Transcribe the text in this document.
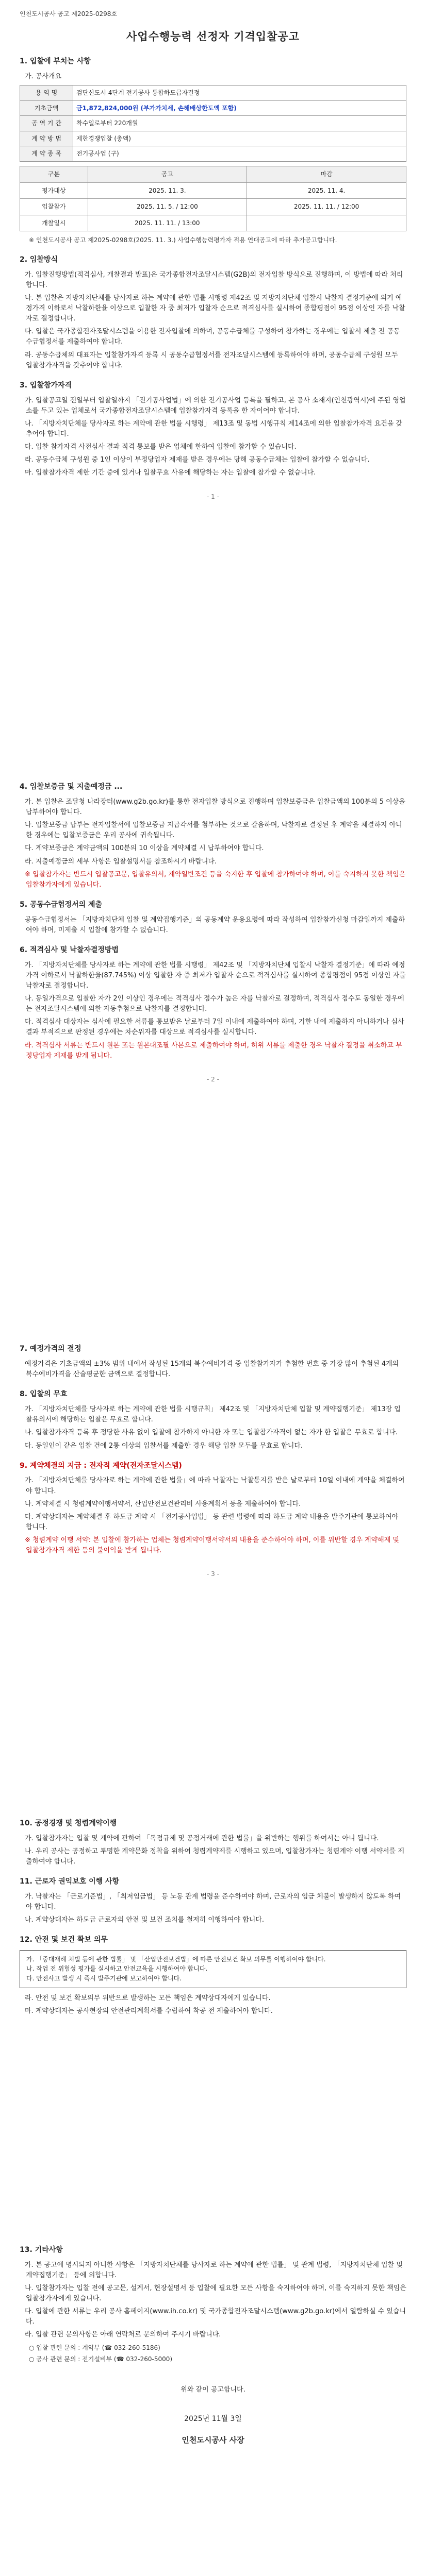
인천도시공사 공고 제2025-0298호
사업수행능력 선정자 기격입찰공고
1. 입찰에 부치는 사항
가. 공사개요
용 역 명	검단신도시 4단계 전기공사 통합하도급자결정
기초금액	금1,872,824,000원 (부가가치세, 손해배상한도액 포함)
공 역 기 간	착수일로부터 220개월
계 약 방 법	제한경쟁입찰 (총액)
계 약 종 목	전기공사업 (구)
구분	공고	마감
평가대상	2025. 11. 3.	2025. 11. 4.
입찰참가	2025. 11. 5. / 12:00	2025. 11. 11. / 12:00
개찰일시	2025. 11. 11. / 13:00	
※ 인천도시공사 공고 제2025-0298호(2025. 11. 3.) 사업수행능력평가자 적용 연대공고에 따라 추가공고합니다.
2. 입찰방식

가. 입찰진행방법(적격심사, 개찰결과 발표)은 국가종합전자조달시스템(G2B)의 전자입찰 방식으로 진행하며, 이 방법에 따라 처리합니다.

나. 본 입찰은 지방자치단체를 당사자로 하는 계약에 관한 법률 시행령 제42조 및 지방자치단체 입찰시 낙찰자 결정기준에 의거 예정가격 이하로서 낙찰하한율 이상으로 입찰한 자 중 최저가 입찰자 순으로 적격심사를 실시하여 종합평점이 95점 이상인 자를 낙찰자로 결정합니다.

다. 입찰은 국가종합전자조달시스템을 이용한 전자입찰에 의하며, 공동수급체를 구성하여 참가하는 경우에는 입찰서 제출 전 공동수급협정서를 제출하여야 합니다.

라. 공동수급체의 대표자는 입찰참가자격 등록 시 공동수급협정서를 전자조달시스템에 등록하여야 하며, 공동수급체 구성원 모두 입찰참가자격을 갖추어야 합니다.

3. 입찰참가자격

가. 입찰공고일 전일부터 입찰일까지 「전기공사업법」에 의한 전기공사업 등록을 필하고, 본 공사 소재지(인천광역시)에 주된 영업소를 두고 있는 업체로서 국가종합전자조달시스템에 입찰참가자격 등록을 한 자이어야 합니다.

나. 「지방자치단체를 당사자로 하는 계약에 관한 법률 시행령」 제13조 및 동법 시행규칙 제14조에 의한 입찰참가자격 요건을 갖추어야 합니다.

다. 입찰 참가자격 사전심사 결과 적격 통보를 받은 업체에 한하여 입찰에 참가할 수 있습니다.

라. 공동수급체 구성원 중 1인 이상이 부정당업자 제재를 받은 경우에는 당해 공동수급체는 입찰에 참가할 수 없습니다.

마. 입찰참가자격 제한 기간 중에 있거나 입찰무효 사유에 해당하는 자는 입찰에 참가할 수 없습니다.

- 1 -
4. 입찰보증금 및 지출예정금 ...

가. 본 입찰은 조달청 나라장터(www.g2b.go.kr)를 통한 전자입찰 방식으로 진행하며 입찰보증금은 입찰금액의 100분의 5 이상을 납부하여야 합니다.

나. 입찰보증금 납부는 전자입찰서에 입찰보증금 지급각서를 첨부하는 것으로 갈음하며, 낙찰자로 결정된 후 계약을 체결하지 아니한 경우에는 입찰보증금은 우리 공사에 귀속됩니다.

다. 계약보증금은 계약금액의 100분의 10 이상을 계약체결 시 납부하여야 합니다.

라. 지출예정금의 세부 사항은 입찰설명서를 참조하시기 바랍니다.

※ 입찰참가자는 반드시 입찰공고문, 입찰유의서, 계약일반조건 등을 숙지한 후 입찰에 참가하여야 하며, 이를 숙지하지 못한 책임은 입찰참가자에게 있습니다.

5. 공동수급협정서의 제출

공동수급협정서는 「지방자치단체 입찰 및 계약집행기준」의 공동계약 운용요령에 따라 작성하여 입찰참가신청 마감일까지 제출하여야 하며, 미제출 시 입찰에 참가할 수 없습니다.

6. 적격심사 및 낙찰자결정방법

가. 「지방자치단체를 당사자로 하는 계약에 관한 법률 시행령」 제42조 및 「지방자치단체 입찰시 낙찰자 결정기준」에 따라 예정가격 이하로서 낙찰하한율(87.745%) 이상 입찰한 자 중 최저가 입찰자 순으로 적격심사를 실시하여 종합평점이 95점 이상인 자를 낙찰자로 결정합니다.

나. 동일가격으로 입찰한 자가 2인 이상인 경우에는 적격심사 점수가 높은 자를 낙찰자로 결정하며, 적격심사 점수도 동일한 경우에는 전자조달시스템에 의한 자동추첨으로 낙찰자를 결정합니다.

다. 적격심사 대상자는 심사에 필요한 서류를 통보받은 날로부터 7일 이내에 제출하여야 하며, 기한 내에 제출하지 아니하거나 심사결과 부적격으로 판정된 경우에는 차순위자를 대상으로 적격심사를 실시합니다.

라. 적격심사 서류는 반드시 원본 또는 원본대조필 사본으로 제출하여야 하며, 허위 서류를 제출한 경우 낙찰자 결정을 취소하고 부정당업자 제재를 받게 됩니다.

- 2 -
7. 예정가격의 결정

예정가격은 기초금액의 ±3% 범위 내에서 작성된 15개의 복수예비가격 중 입찰참가자가 추첨한 번호 중 가장 많이 추첨된 4개의 복수예비가격을 산술평균한 금액으로 결정합니다.

8. 입찰의 무효

가. 「지방자치단체를 당사자로 하는 계약에 관한 법률 시행규칙」 제42조 및 「지방자치단체 입찰 및 계약집행기준」 제13장 입찰유의서에 해당하는 입찰은 무효로 합니다.

나. 입찰참가자격 등록 후 정당한 사유 없이 입찰에 참가하지 아니한 자 또는 입찰참가자격이 없는 자가 한 입찰은 무효로 합니다.

다. 동일인이 같은 입찰 건에 2통 이상의 입찰서를 제출한 경우 해당 입찰 모두를 무효로 합니다.

9. 계약체결의 지급 : 전자적 계약(전자조달시스템)

가. 「지방자치단체를 당사자로 하는 계약에 관한 법률」에 따라 낙찰자는 낙찰통지를 받은 날로부터 10일 이내에 계약을 체결하여야 합니다.

나. 계약체결 시 청렴계약이행서약서, 산업안전보건관리비 사용계획서 등을 제출하여야 합니다.

다. 계약상대자는 계약체결 후 하도급 계약 시 「전기공사업법」 등 관련 법령에 따라 하도급 계약 내용을 발주기관에 통보하여야 합니다.

※ 청렴계약 이행 서약: 본 입찰에 참가하는 업체는 청렴계약이행서약서의 내용을 준수하여야 하며, 이를 위반할 경우 계약해제 및 입찰참가자격 제한 등의 불이익을 받게 됩니다.

- 3 -
10. 공정경쟁 및 청렴계약이행

가. 입찰참가자는 입찰 및 계약에 관하여 「독점규제 및 공정거래에 관한 법률」을 위반하는 행위를 하여서는 아니 됩니다.

나. 우리 공사는 공정하고 투명한 계약문화 정착을 위하여 청렴계약제를 시행하고 있으며, 입찰참가자는 청렴계약 이행 서약서를 제출하여야 합니다.

11. 근로자 권익보호 이행 사항

가. 낙찰자는 「근로기준법」, 「최저임금법」 등 노동 관계 법령을 준수하여야 하며, 근로자의 임금 체불이 발생하지 않도록 하여야 합니다.

나. 계약상대자는 하도급 근로자의 안전 및 보건 조치를 철저히 이행하여야 합니다.

12. 안전 및 보건 확보 의무
가. 「중대재해 처벌 등에 관한 법률」 및 「산업안전보건법」에 따른 안전보건 확보 의무를 이행하여야 합니다.
나. 작업 전 위험성 평가를 실시하고 안전교육을 시행하여야 합니다.
다. 안전사고 발생 시 즉시 발주기관에 보고하여야 합니다.

라. 안전 및 보건 확보의무 위반으로 발생하는 모든 책임은 계약상대자에게 있습니다.

마. 계약상대자는 공사현장의 안전관리계획서를 수립하여 착공 전 제출하여야 합니다.

13. 기타사항

가. 본 공고에 명시되지 아니한 사항은 「지방자치단체를 당사자로 하는 계약에 관한 법률」 및 관계 법령, 「지방자치단체 입찰 및 계약집행기준」 등에 의합니다.

나. 입찰참가자는 입찰 전에 공고문, 설계서, 현장설명서 등 입찰에 필요한 모든 사항을 숙지하여야 하며, 이를 숙지하지 못한 책임은 입찰참가자에게 있습니다.

다. 입찰에 관한 서류는 우리 공사 홈페이지(www.ih.co.kr) 및 국가종합전자조달시스템(www.g2b.go.kr)에서 열람하실 수 있습니다.

라. 입찰 관련 문의사항은 아래 연락처로 문의하여 주시기 바랍니다.

○ 입찰 관련 문의 : 계약부 (☎ 032-260-5186)
○ 공사 관련 문의 : 전기설비부 (☎ 032-260-5000)
위와 같이 공고합니다.
2025년 11월 3일
인천도시공사 사장
